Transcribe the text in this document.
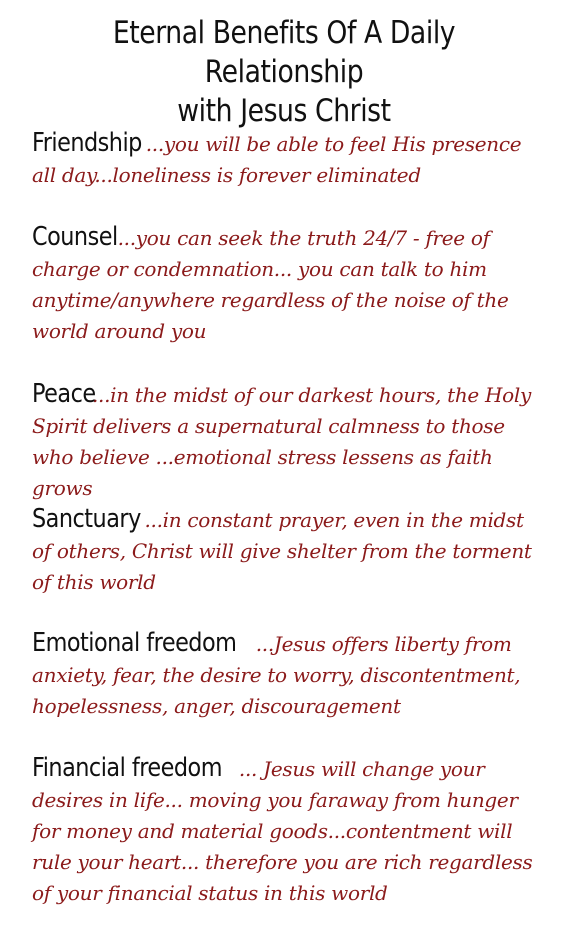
Eternal Benefits Of A Daily Relationship
with Jesus Christ

Friendship ...you will be able to feel His presence all day...loneliness is forever eliminated

Counsel...you can seek the truth 24/7 - free of charge or condemnation... you can talk to him anytime/anywhere regardless of the noise of the world around you

Peace...in the midst of our darkest hours, the Holy Spirit delivers a supernatural calmness to those who believe ...emotional stress lessens as faith grows

Sanctuary ...in constant prayer, even in the midst of others, Christ will give shelter from the torment of this world

Emotional freedom ...Jesus offers liberty from anxiety, fear, the desire to worry, discontentment, hopelessness, anger, discouragement

Financial freedom ... Jesus will change your desires in life... moving you faraway from hunger for money and material goods...contentment will rule your heart... therefore you are rich regardless of your financial status in this world
